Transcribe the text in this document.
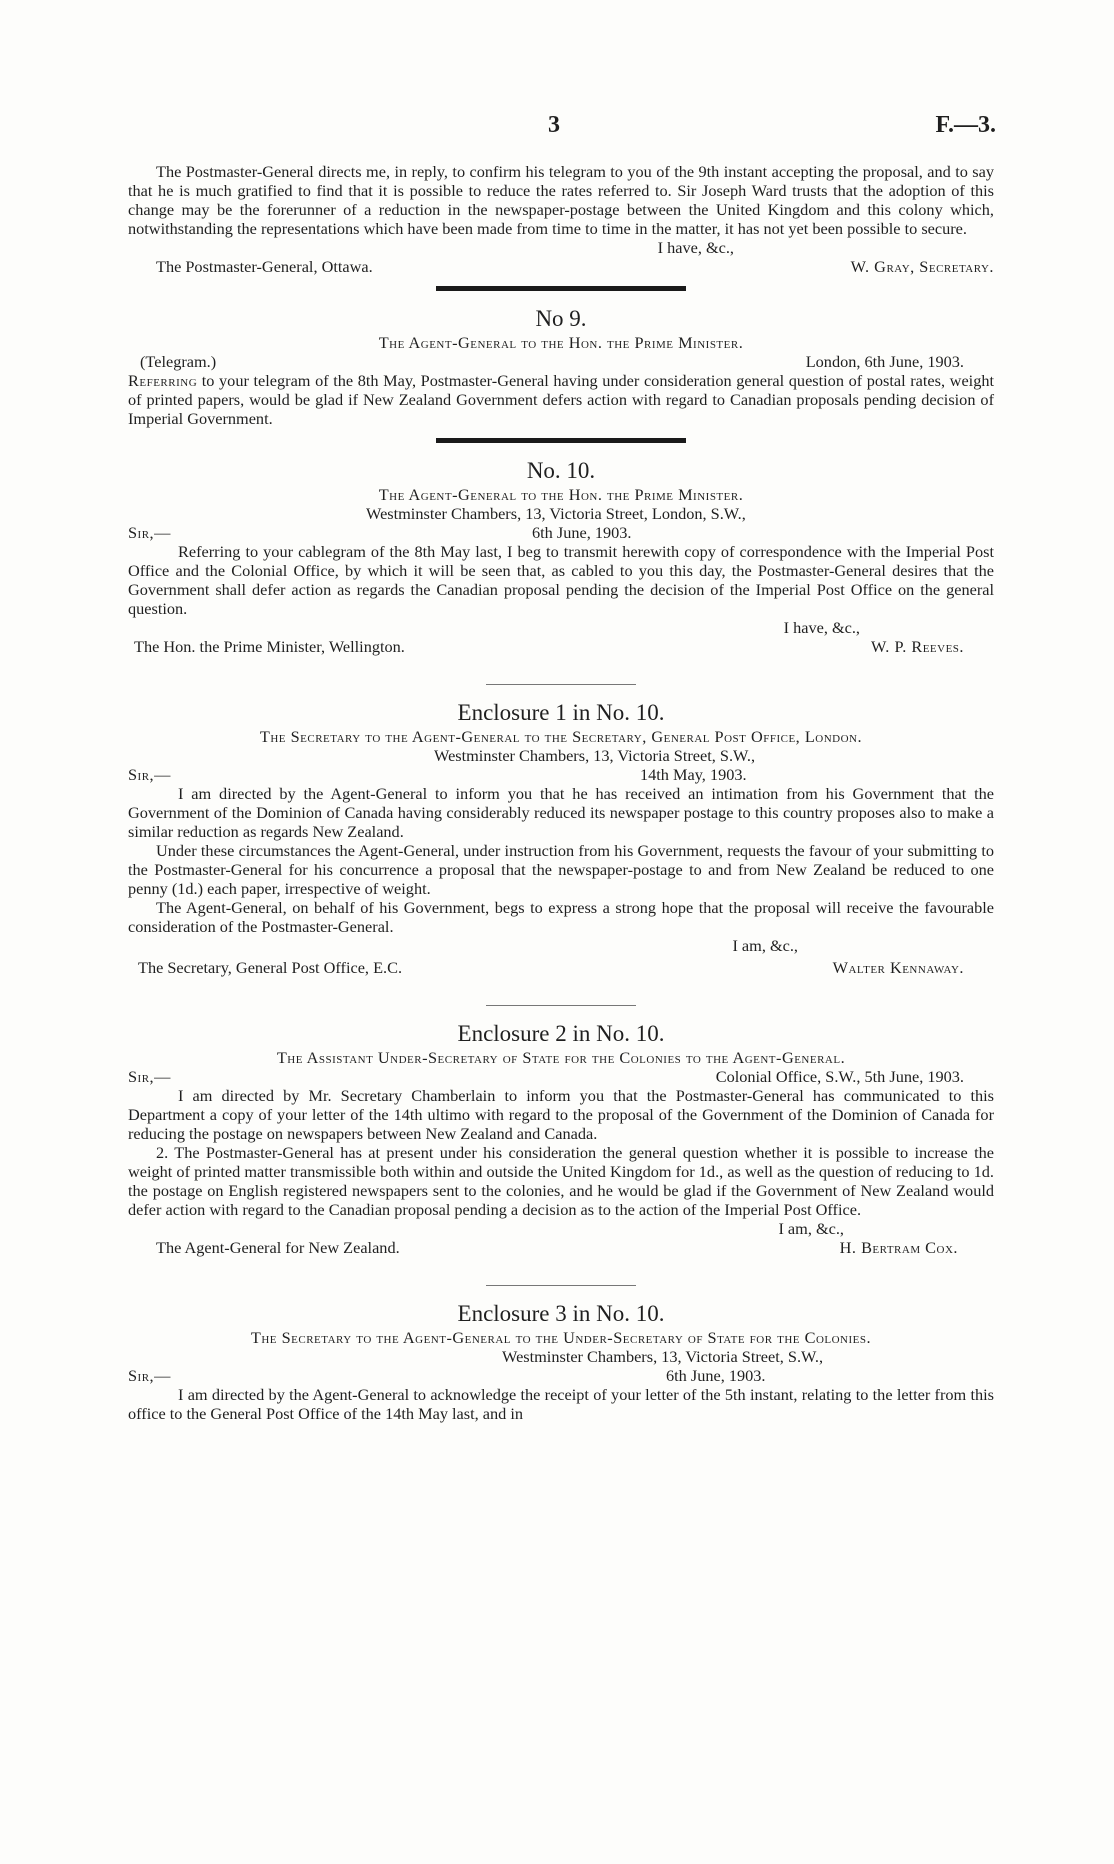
3	F.—3.

The Postmaster-General directs me, in reply, to confirm his telegram to you of the 9th instant accepting the proposal, and to say that he is much gratified to find that it is possible to reduce the rates referred to. Sir Joseph Ward trusts that the adoption of this change may be the forerunner of a reduction in the newspaper-postage between the United Kingdom and this colony which, notwithstanding the representations which have been made from time to time in the matter, it has not yet been possible to secure.

I have, &c.,
The Postmaster-General, Ottawa.	W. Gray, Secretary.
No 9.
The Agent-General to the Hon. the Prime Minister.
(Telegram.)	London, 6th June, 1903.

Referring to your telegram of the 8th May, Postmaster-General having under consideration general question of postal rates, weight of printed papers, would be glad if New Zealand Government defers action with regard to Canadian proposals pending decision of Imperial Government.

No. 10.
The Agent-General to the Hon. the Prime Minister.
Westminster Chambers, 13, Victoria Street, London, S.W.,
Sir,—	6th June, 1903.

Referring to your cablegram of the 8th May last, I beg to transmit herewith copy of correspondence with the Imperial Post Office and the Colonial Office, by which it will be seen that, as cabled to you this day, the Postmaster-General desires that the Government shall defer action as regards the Canadian proposal pending the decision of the Imperial Post Office on the general question.

I have, &c.,
The Hon. the Prime Minister, Wellington.	W. P. Reeves.
Enclosure 1 in No. 10.
The Secretary to the Agent-General to the Secretary, General Post Office, London.
Westminster Chambers, 13, Victoria Street, S.W.,
Sir,—	14th May, 1903.

I am directed by the Agent-General to inform you that he has received an intimation from his Government that the Government of the Dominion of Canada having considerably reduced its newspaper postage to this country proposes also to make a similar reduction as regards New Zealand.

Under these circumstances the Agent-General, under instruction from his Government, requests the favour of your submitting to the Postmaster-General for his concurrence a proposal that the newspaper-postage to and from New Zealand be reduced to one penny (1d.) each paper, irrespective of weight.

The Agent-General, on behalf of his Government, begs to express a strong hope that the proposal will receive the favourable consideration of the Postmaster-General.

I am, &c.,
The Secretary, General Post Office, E.C.	Walter Kennaway.
Enclosure 2 in No. 10.
The Assistant Under-Secretary of State for the Colonies to the Agent-General.
Sir,—	Colonial Office, S.W., 5th June, 1903.

I am directed by Mr. Secretary Chamberlain to inform you that the Postmaster-General has communicated to this Department a copy of your letter of the 14th ultimo with regard to the proposal of the Government of the Dominion of Canada for reducing the postage on newspapers between New Zealand and Canada.

2. The Postmaster-General has at present under his consideration the general question whether it is possible to increase the weight of printed matter transmissible both within and outside the United Kingdom for 1d., as well as the question of reducing to 1d. the postage on English registered newspapers sent to the colonies, and he would be glad if the Government of New Zealand would defer action with regard to the Canadian proposal pending a decision as to the action of the Imperial Post Office.

I am, &c.,
The Agent-General for New Zealand.	H. Bertram Cox.
Enclosure 3 in No. 10.
The Secretary to the Agent-General to the Under-Secretary of State for the Colonies.
Westminster Chambers, 13, Victoria Street, S.W.,
Sir,—	6th June, 1903.

I am directed by the Agent-General to acknowledge the receipt of your letter of the 5th instant, relating to the letter from this office to the General Post Office of the 14th May last, and in
